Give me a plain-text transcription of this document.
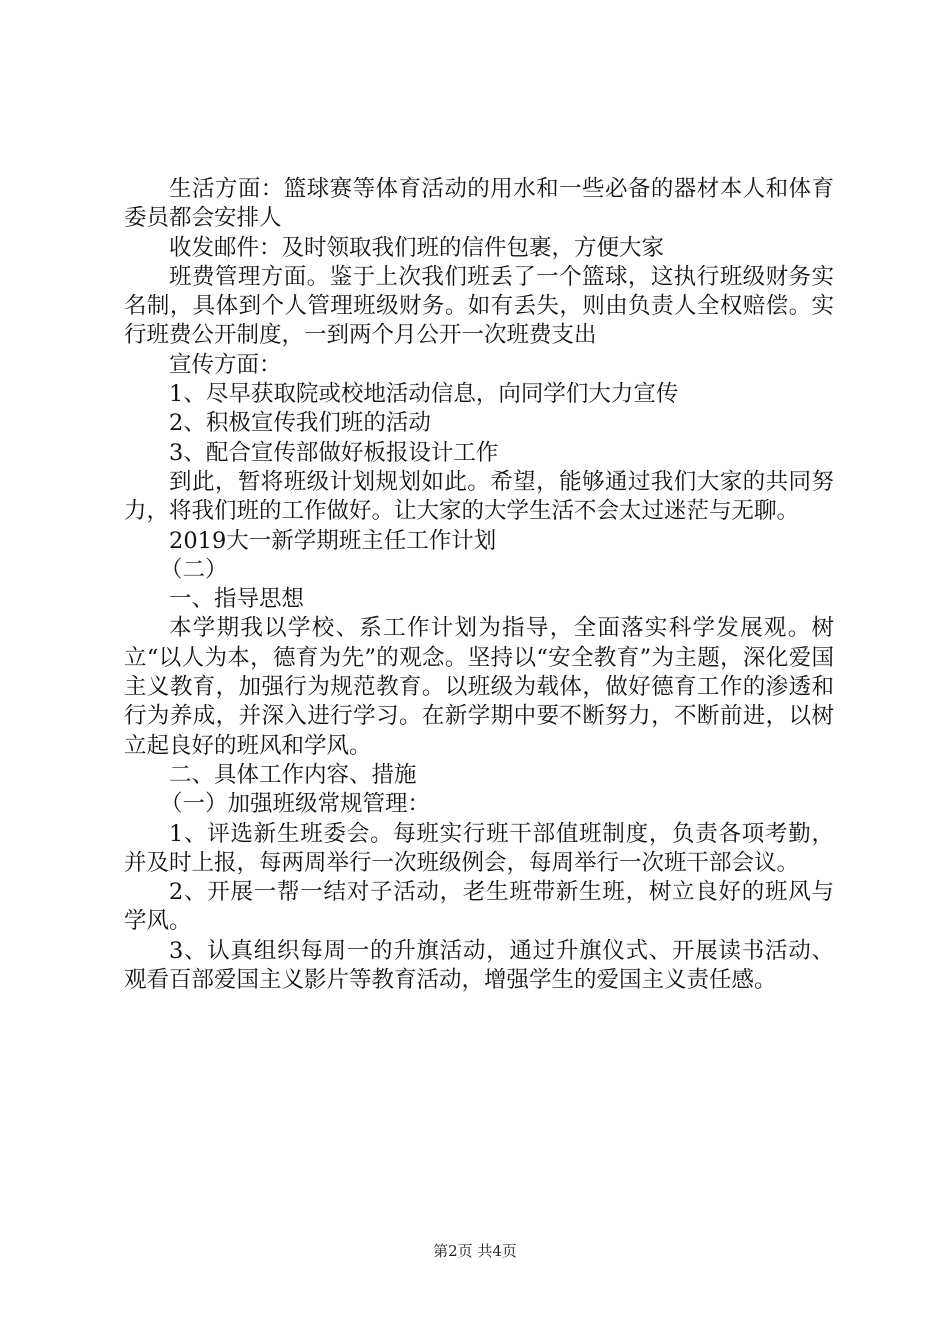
生活方面：篮球赛等体育活动的用水和一些必备的器材本人和体育委员都会安排人

收发邮件：及时领取我们班的信件包裹，方便大家

班费管理方面。鉴于上次我们班丢了一个篮球，这执行班级财务实名制，具体到个人管理班级财务。如有丢失，则由负责人全权赔偿。实行班费公开制度，一到两个月公开一次班费支出

宣传方面：

1、尽早获取院或校地活动信息，向同学们大力宣传

2、积极宣传我们班的活动

3、配合宣传部做好板报设计工作

到此，暂将班级计划规划如此。希望，能够通过我们大家的共同努力，将我们班的工作做好。让大家的大学生活不会太过迷茫与无聊。

2019大一新学期班主任工作计划

（二）

一、指导思想

本学期我以学校、系工作计划为指导，全面落实科学发展观。树立“以人为本，德育为先”的观念。坚持以“安全教育”为主题，深化爱国主义教育，加强行为规范教育。以班级为载体，做好德育工作的渗透和行为养成，并深入进行学习。在新学期中要不断努力，不断前进，以树立起良好的班风和学风。

二、具体工作内容、措施

（一）加强班级常规管理：

1、评选新生班委会。每班实行班干部值班制度，负责各项考勤，并及时上报，每两周举行一次班级例会，每周举行一次班干部会议。

2、开展一帮一结对子活动，老生班带新生班，树立良好的班风与学风。

3、认真组织每周一的升旗活动，通过升旗仪式、开展读书活动、观看百部爱国主义影片等教育活动，增强学生的爱国主义责任感。

第2页 共4页
